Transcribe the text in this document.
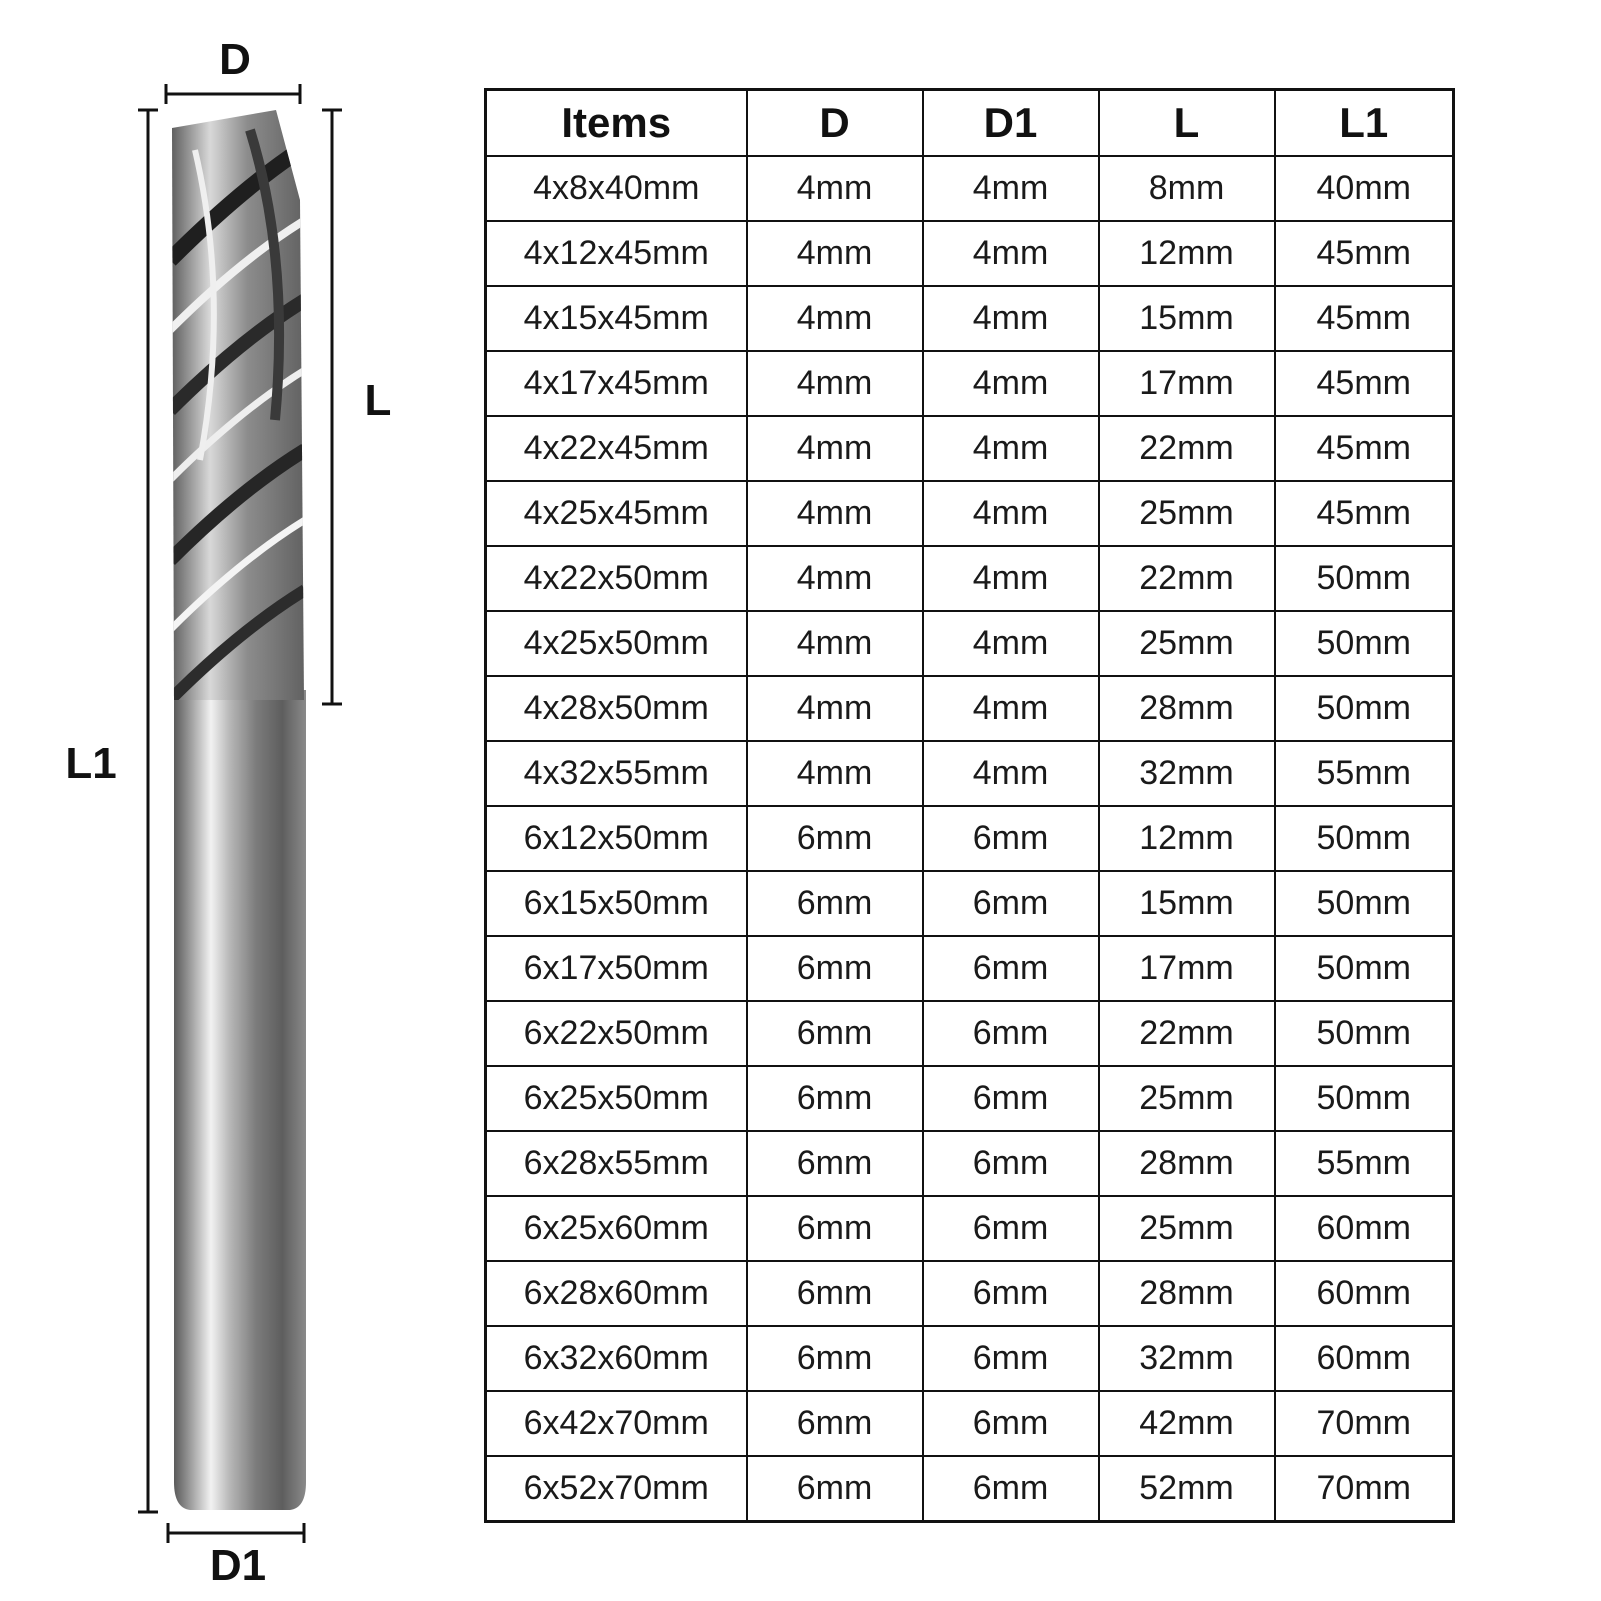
D
L
L1
D1
Items	D	D1	L	L1
4x8x40mm	4mm	4mm	8mm	40mm
4x12x45mm	4mm	4mm	12mm	45mm
4x15x45mm	4mm	4mm	15mm	45mm
4x17x45mm	4mm	4mm	17mm	45mm
4x22x45mm	4mm	4mm	22mm	45mm
4x25x45mm	4mm	4mm	25mm	45mm
4x22x50mm	4mm	4mm	22mm	50mm
4x25x50mm	4mm	4mm	25mm	50mm
4x28x50mm	4mm	4mm	28mm	50mm
4x32x55mm	4mm	4mm	32mm	55mm
6x12x50mm	6mm	6mm	12mm	50mm
6x15x50mm	6mm	6mm	15mm	50mm
6x17x50mm	6mm	6mm	17mm	50mm
6x22x50mm	6mm	6mm	22mm	50mm
6x25x50mm	6mm	6mm	25mm	50mm
6x28x55mm	6mm	6mm	28mm	55mm
6x25x60mm	6mm	6mm	25mm	60mm
6x28x60mm	6mm	6mm	28mm	60mm
6x32x60mm	6mm	6mm	32mm	60mm
6x42x70mm	6mm	6mm	42mm	70mm
6x52x70mm	6mm	6mm	52mm	70mm
